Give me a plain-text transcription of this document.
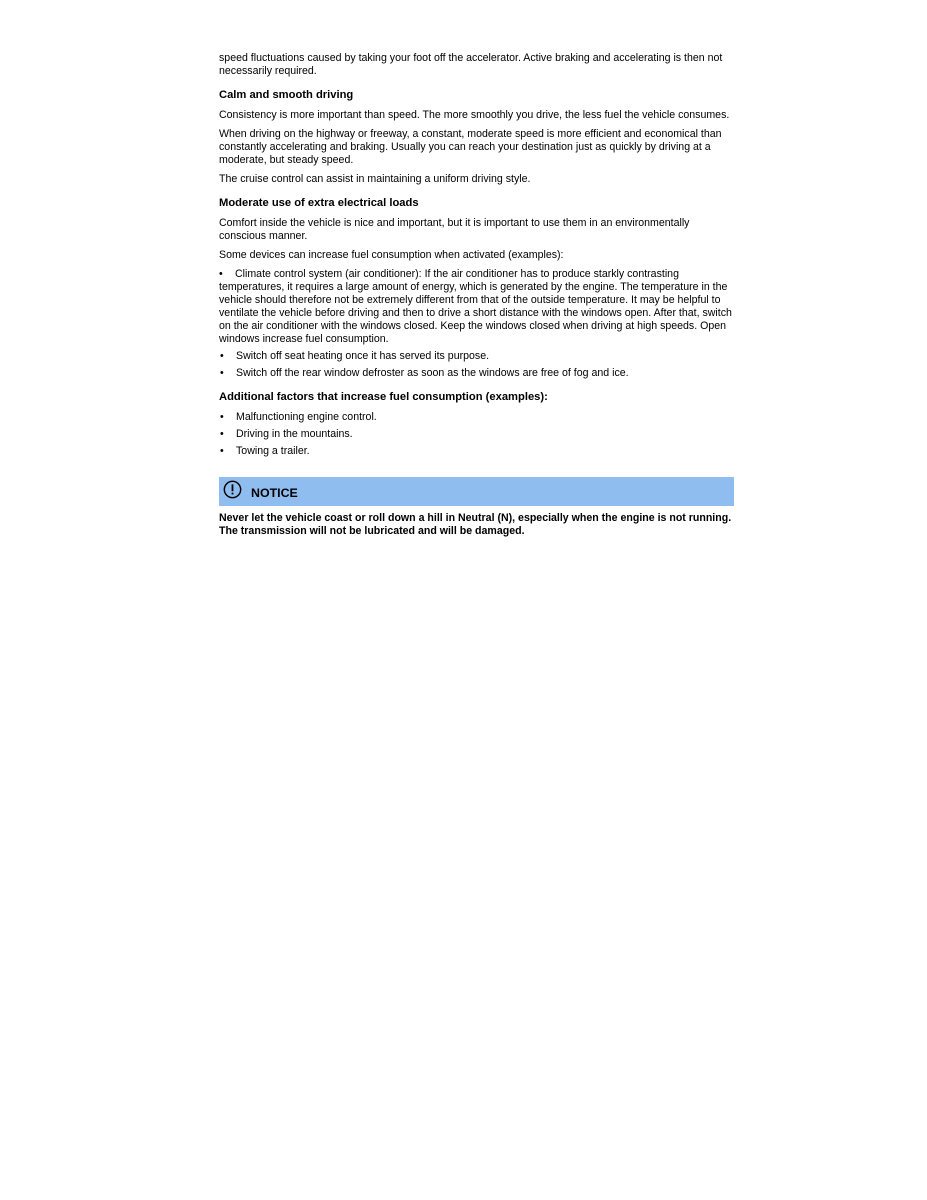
speed fluctuations caused by taking your foot off the accelerator. Active braking and accelerating is then not necessarily required.

Calm and smooth driving

Consistency is more important than speed. The more smoothly you drive, the less fuel the vehicle consumes.

When driving on the highway or freeway, a constant, moderate speed is more efficient and economical than constantly accelerating and braking. Usually you can reach your destination just as quickly by driving at a moderate, but steady speed.

The cruise control can assist in maintaining a uniform driving style.

Moderate use of extra electrical loads

Comfort inside the vehicle is nice and important, but it is important to use them in an environmentally conscious manner.

Some devices can increase fuel consumption when activated (examples):

• Climate control system (air conditioner): If the air conditioner has to produce starkly contrasting temperatures, it requires a large amount of energy, which is generated by the engine. The temperature in the vehicle should therefore not be extremely different from that of the outside temperature. It may be helpful to ventilate the vehicle before driving and then to drive a short distance with the windows open. After that, switch on the air conditioner with the windows closed. Keep the windows closed when driving at high speeds. Open windows increase fuel consumption.
• Switch off seat heating once it has served its purpose.
• Switch off the rear window defroster as soon as the windows are free of fog and ice.
Additional factors that increase fuel consumption (examples):
• Malfunctioning engine control.
• Driving in the mountains.
• Towing a trailer.
NOTICE
Never let the vehicle coast or roll down a hill in Neutral (N), especially when the engine is not running. The transmission will not be lubricated and will be damaged.
